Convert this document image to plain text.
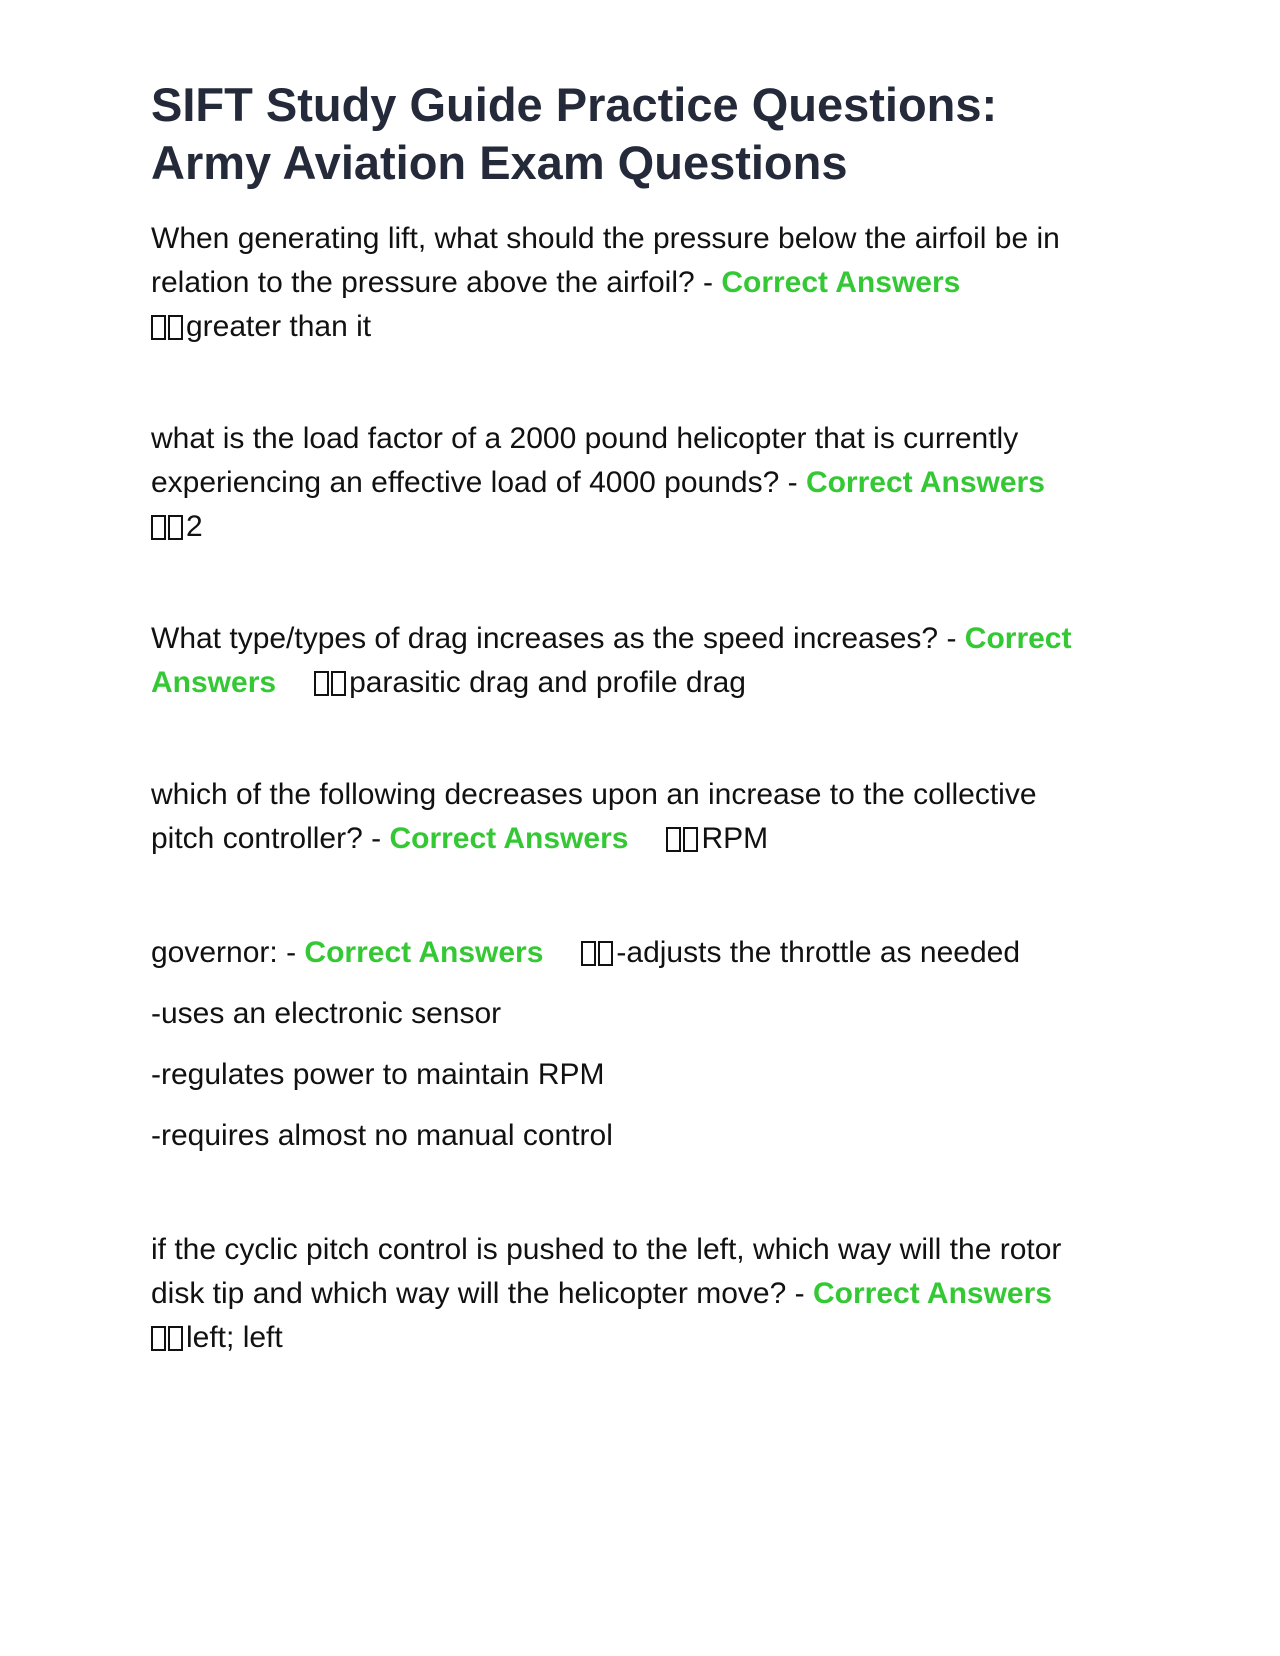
SIFT Study Guide Practice Questions:
Army Aviation Exam Questions

When generating lift, what should the pressure below the airfoil be in
relation to the pressure above the airfoil? - Correct Answers

greater than it

what is the load factor of a 2000 pound helicopter that is currently
experiencing an effective load of 4000 pounds? - Correct Answers

2

What type/types of drag increases as the speed increases? - Correct
Answers parasitic drag and profile drag

which of the following decreases upon an increase to the collective
pitch controller? - Correct Answers RPM

governor: - Correct Answers -adjusts the throttle as needed

-uses an electronic sensor

-regulates power to maintain RPM

-requires almost no manual control

if the cyclic pitch control is pushed to the left, which way will the rotor
disk tip and which way will the helicopter move? - Correct Answers

left; left
